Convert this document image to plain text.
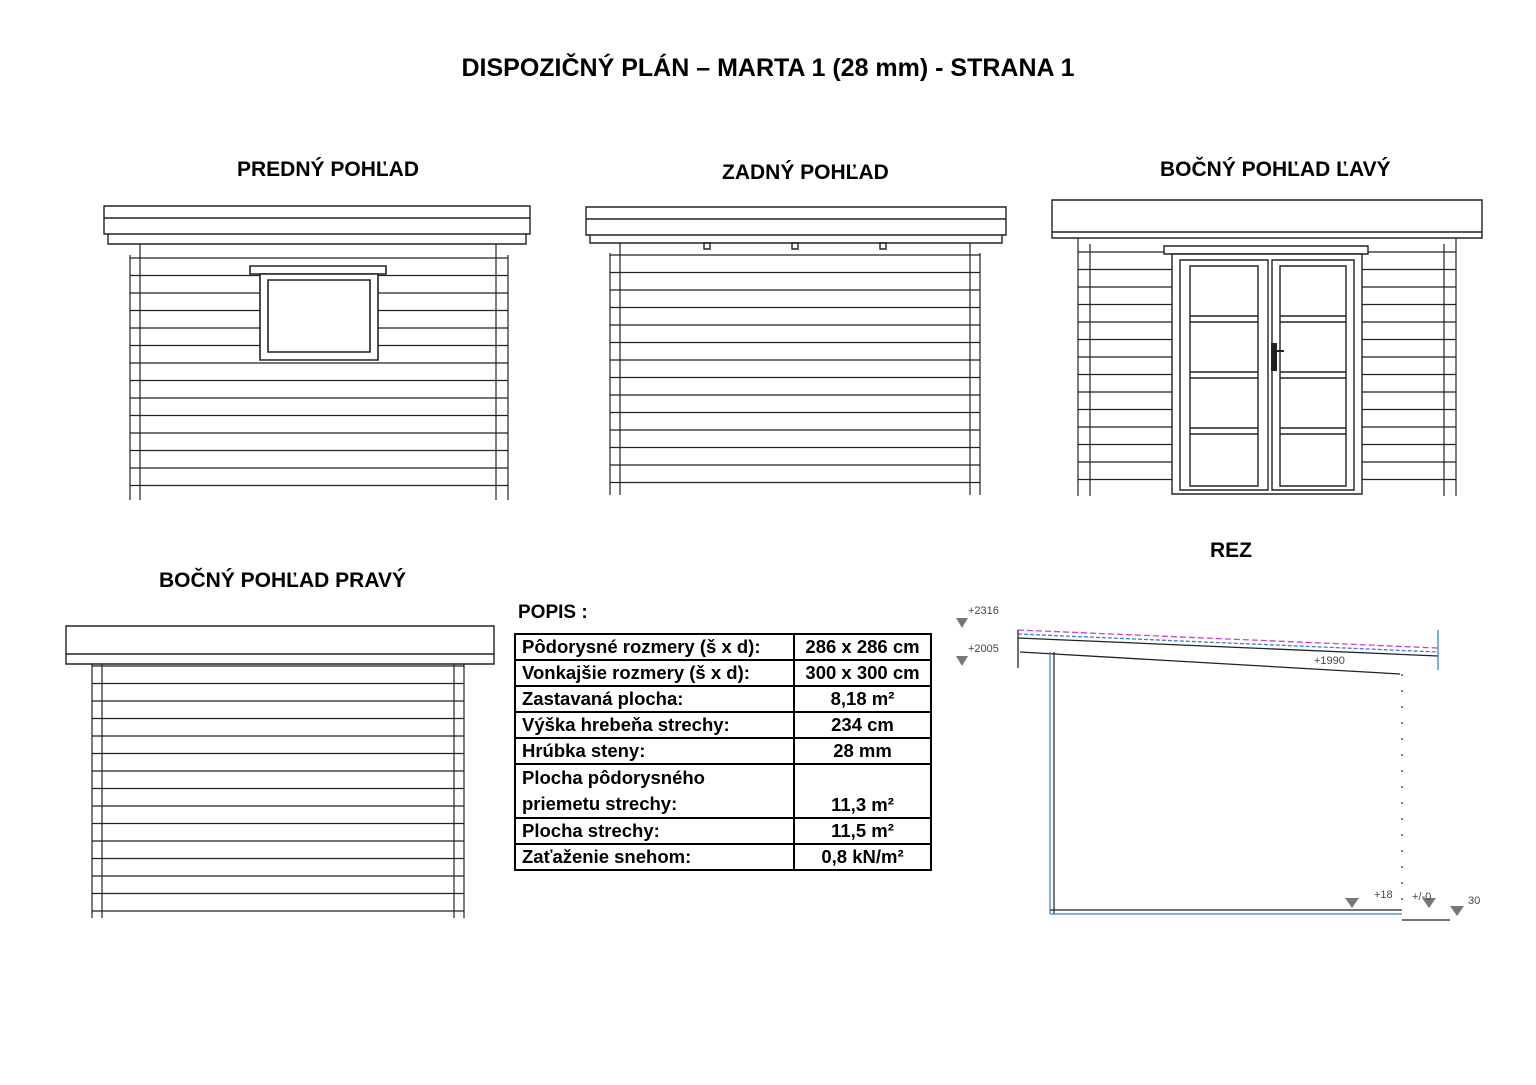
DISPOZIČNÝ PLÁN – MARTA 1 (28 mm) - STRANA 1
PREDNÝ POHĽAD	ZADNÝ POHĽAD	BOČNÝ POHĽAD ĽAVÝ
BOČNÝ POHĽAD PRAVÝ
REZ
POPIS :
Pôdorysné rozmery (š x d):	286 x 286 cm
Vonkajšie rozmery (š x d):	300 x 300 cm
Zastavaná plocha:	8,18 m²
Výška hrebeňa strechy:	234 cm
Hrúbka steny:	28 mm

Plocha pôdorysného
priemetu strechy:	11,3 m²
Plocha strechy:	11,5 m²
Zaťaženie snehom:	0,8 kN/m²
+2316
+2005
+1990
+18 +/-0	30
